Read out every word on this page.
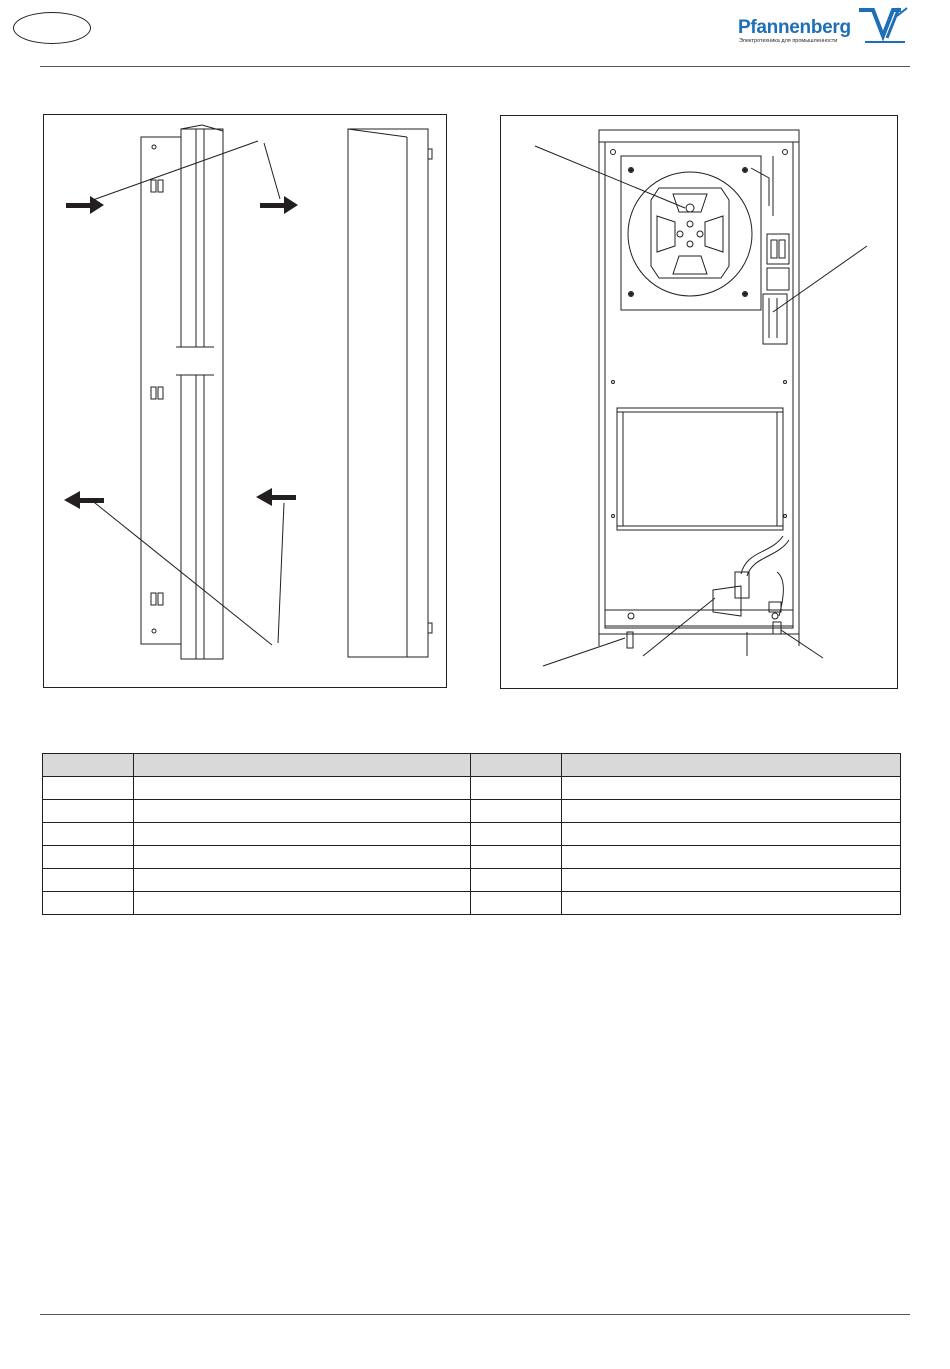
Pfannenberg
Электротехника для промышленности
